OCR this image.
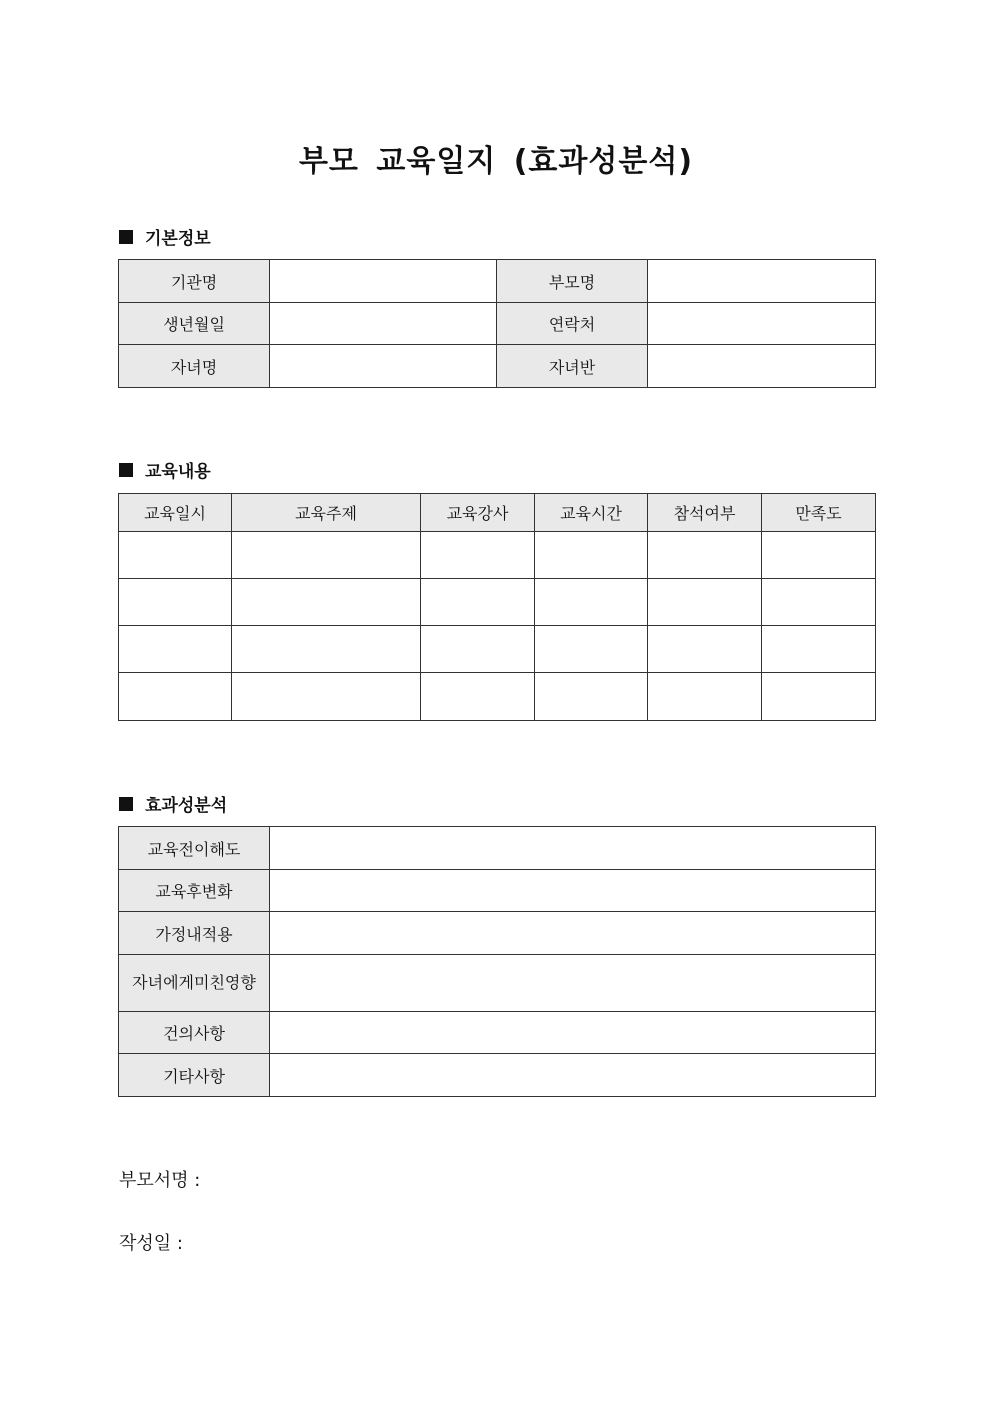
부모 교육일지 (효과성분석)
기본정보
기관명		부모명	
생년월일		연락처	
자녀명		자녀반	
교육내용
교육일시	교육주제	교육강사	교육시간	참석여부	만족도

효과성분석
교육전이해도	
교육후변화	
가정내적용	
자녀에게미친영향	
건의사항	
기타사항	
부모서명 :
작성일 :
